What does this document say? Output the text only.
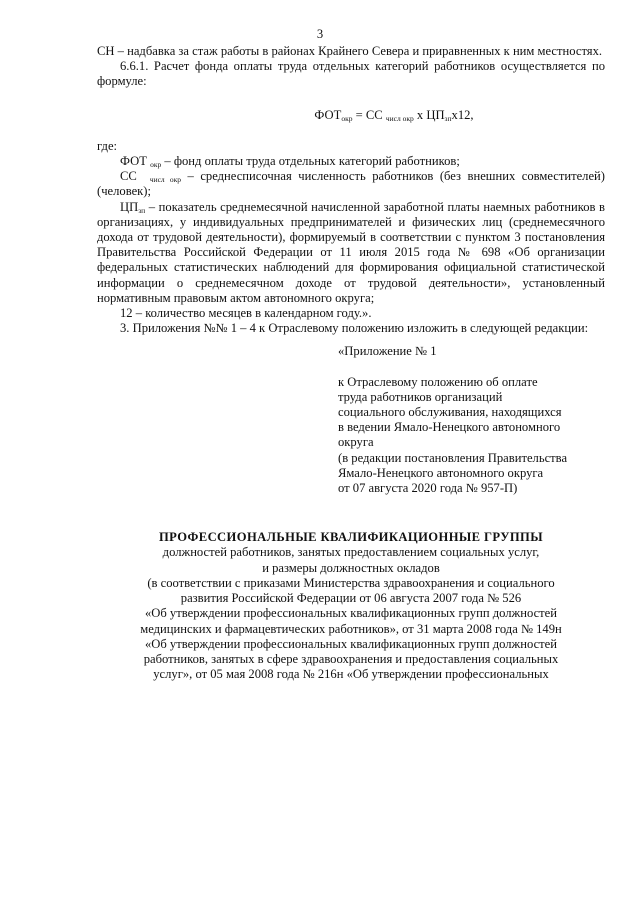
3

СН – надбавка за стаж работы в районах Крайнего Севера и приравненных к ним местностях.

6.6.1. Расчет фонда оплаты труда отдельных категорий работников осуществляется по формуле:

$ФОТ_{окр}$ = СС $_{числ окр}$ х $ЦП_{зп}х12$,

где:

ФОТ $_{окр}$ – фонд оплаты труда отдельных категорий работников;

СС $_{числ окр}$ – среднесписочная численность работников (без внешних совместителей) (человек);

$ЦП_{зп}$ – показатель среднемесячной начисленной заработной платы наемных работников в организациях, у индивидуальных предпринимателей и физических лиц (среднемесячного дохода от трудовой деятельности), формируемый в соответствии с пунктом 3 постановления Правительства Российской Федерации от 11 июля 2015 года № 698 «Об организации федеральных статистических наблюдений для формирования официальной статистической информации о среднемесячном доходе от трудовой деятельности», установленный нормативным правовым актом автономного округа;

12 – количество месяцев в календарном году.».

3. Приложения №№ 1 – 4 к Отраслевому положению изложить в следующей редакции:

«Приложение № 1
к Отраслевому положению об оплате
труда работников организаций
социального обслуживания, находящихся
в ведении Ямало-Ненецкого автономного
округа
(в редакции постановления Правительства
Ямало-Ненецкого автономного округа
от 07 августа 2020 года № 957-П)

ПРОФЕССИОНАЛЬНЫЕ КВАЛИФИКАЦИОННЫЕ ГРУППЫ

должностей работников, занятых предоставлением социальных услуг,

и размеры должностных окладов

(в соответствии с приказами Министерства здравоохранения и социального

развития Российской Федерации от 06 августа 2007 года № 526

«Об утверждении профессиональных квалификационных групп должностей

медицинских и фармацевтических работников», от 31 марта 2008 года № 149н

«Об утверждении профессиональных квалификационных групп должностей

работников, занятых в сфере здравоохранения и предоставления социальных

услуг», от 05 мая 2008 года № 216н «Об утверждении профессиональных
